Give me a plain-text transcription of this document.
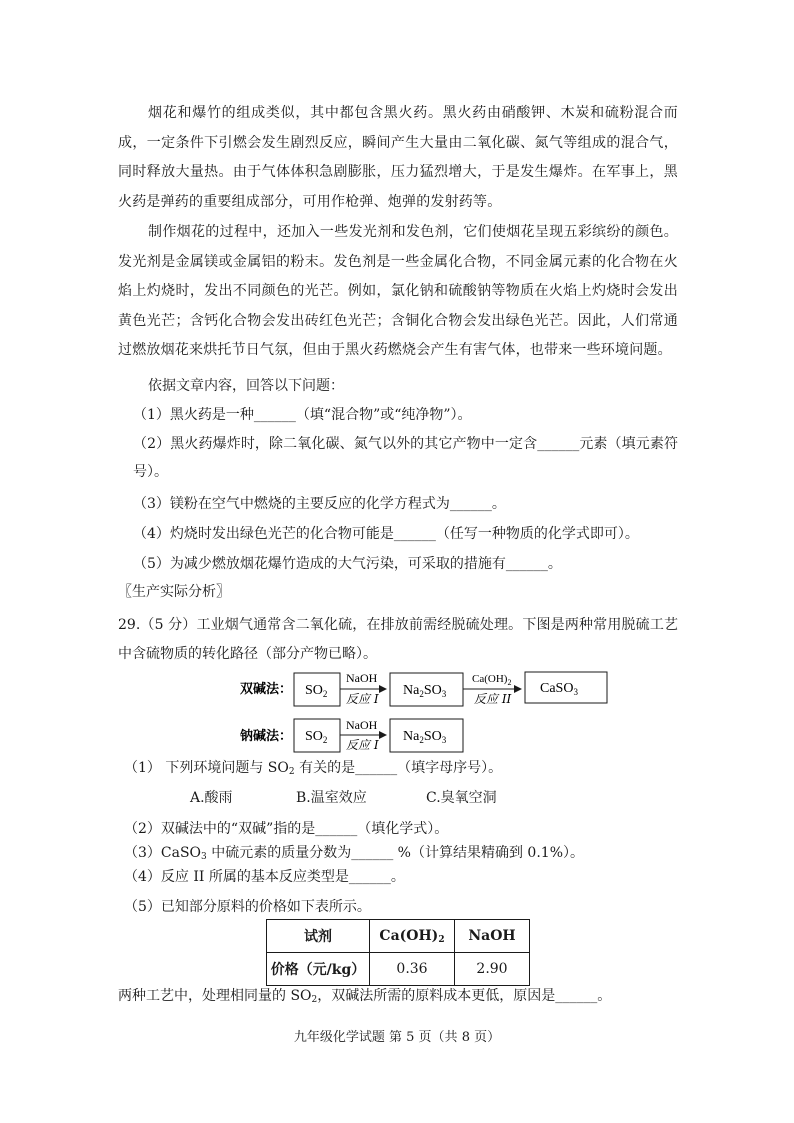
烟花和爆竹的组成类似，其中都包含黑火药。黑火药由硝酸钾、木炭和硫粉混合而成，一定条件下引燃会发生剧烈反应，瞬间产生大量由二氧化碳、氮气等组成的混合气，同时释放大量热。由于气体体积急剧膨胀，压力猛烈增大，于是发生爆炸。在军事上，黑火药是弹药的重要组成部分，可用作枪弹、炮弹的发射药等。

制作烟花的过程中，还加入一些发光剂和发色剂，它们使烟花呈现五彩缤纷的颜色。发光剂是金属镁或金属铝的粉末。发色剂是一些金属化合物，不同金属元素的化合物在火焰上灼烧时，发出不同颜色的光芒。例如，氯化钠和硫酸钠等物质在火焰上灼烧时会发出黄色光芒；含钙化合物会发出砖红色光芒；含铜化合物会发出绿色光芒。因此，人们常通过燃放烟花来烘托节日气氛，但由于黑火药燃烧会产生有害气体，也带来一些环境问题。

依据文章内容，回答以下问题：

（1）黑火药是一种______（填“混合物”或“纯净物”）。

（2）黑火药爆炸时，除二氧化碳、氮气以外的其它产物中一定含______元素（填元素符号）。

（3）镁粉在空气中燃烧的主要反应的化学方程式为______。

（4）灼烧时发出绿色光芒的化合物可能是______（任写一种物质的化学式即可）。

（5）为减少燃放烟花爆竹造成的大气污染，可采取的措施有______。

〖生产实际分析〗

29.（5 分）工业烟气通常含二氧化硫，在排放前需经脱硫处理。下图是两种常用脱硫工艺中含硫物质的转化路径（部分产物已略）。

双碱法： $SO_2$
NaOH
反应 I
$Na_2SO_3$
$Ca(OH)_2$
反应 II
CaSO$_3$
钠碱法： $SO_2$
NaOH
反应 I
$Na_2SO_3$

（1） 下列环境问题与 $SO_2$ 有关的是______（填字母序号）。

A.酸雨	B.温室效应	C.臭氧空洞

（2）双碱法中的“双碱”指的是______（填化学式）。

（3）CaSO$_3$ 中硫元素的质量分数为______ %（计算结果精确到 0.1%）。

（4）反应 II 所属的基本反应类型是______。

（5）已知部分原料的价格如下表所示。

试剂	$Ca(OH)_2$	NaOH
价格（元/kg）	0.36	2.90

两种工艺中，处理相同量的 $SO_2$，双碱法所需的原料成本更低，原因是______。

九年级化学试题 第 5 页（共 8 页）
